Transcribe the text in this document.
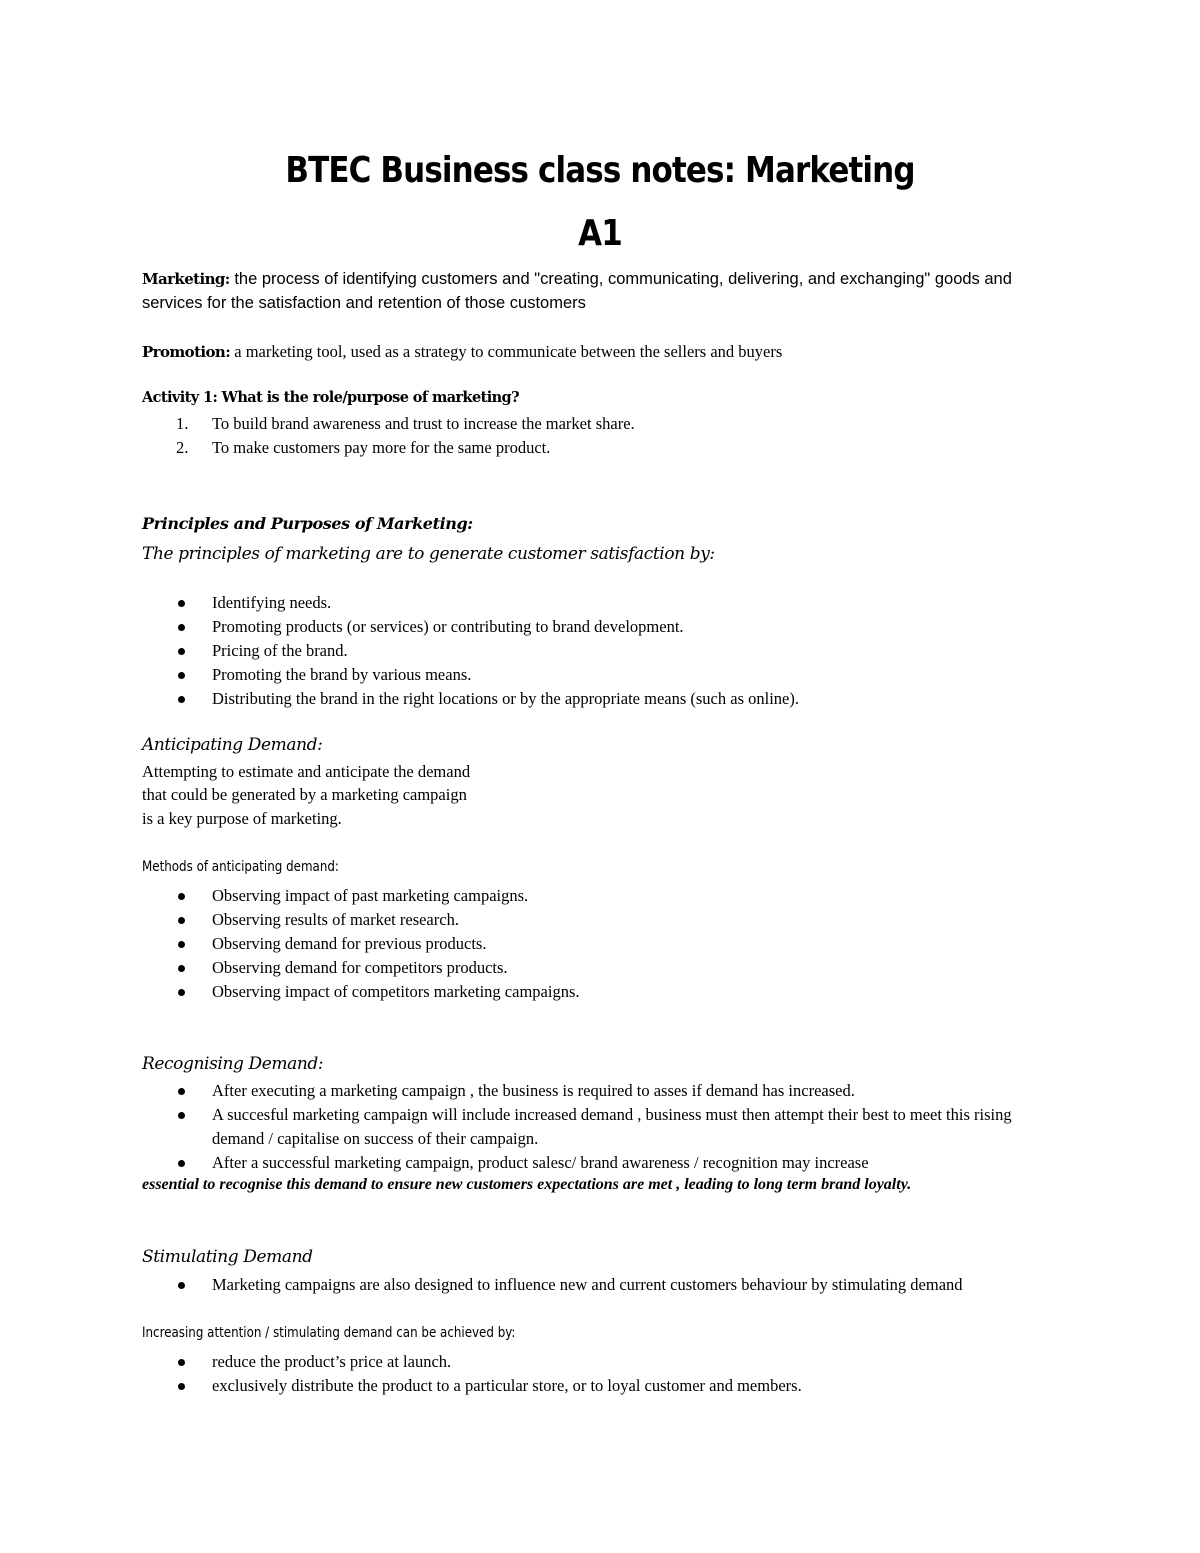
BTEC Business class notes: Marketing
A1
Marketing: the process of identifying customers and "creating, communicating, delivering, and exchanging" goods and services for the satisfaction and retention of those customers
Promotion: a marketing tool, used as a strategy to communicate between the sellers and buyers
Activity 1: What is the role/purpose of marketing?
1. To build brand awareness and trust to increase the market share.
2. To make customers pay more for the same product.
Principles and Purposes of Marketing:
The principles of marketing are to generate customer satisfaction by:
Identifying needs.
Promoting products (or services) or contributing to brand development.
Pricing of the brand.
Promoting the brand by various means.
Distributing the brand in the right locations or by the appropriate means (such as online).
Anticipating Demand:
Attempting to estimate and anticipate the demand
that could be generated by a marketing campaign
is a key purpose of marketing.
Methods of anticipating demand:
Observing impact of past marketing campaigns.
Observing results of market research.
Observing demand for previous products.
Observing demand for competitors products.
Observing impact of competitors marketing campaigns.
Recognising Demand:
After executing a marketing campaign , the business is required to asses if demand has increased.
A succesful marketing campaign will include increased demand , business must then attempt their best to meet this rising demand / capitalise on success of their campaign.
After a successful marketing campaign, product salesc/ brand awareness / recognition may increase
essential to recognise this demand to ensure new customers expectations are met , leading to long term brand loyalty.
Stimulating Demand
Marketing campaigns are also designed to influence new and current customers behaviour by stimulating demand
Increasing attention / stimulating demand can be achieved by:
reduce the product’s price at launch.
exclusively distribute the product to a particular store, or to loyal customer and members.
